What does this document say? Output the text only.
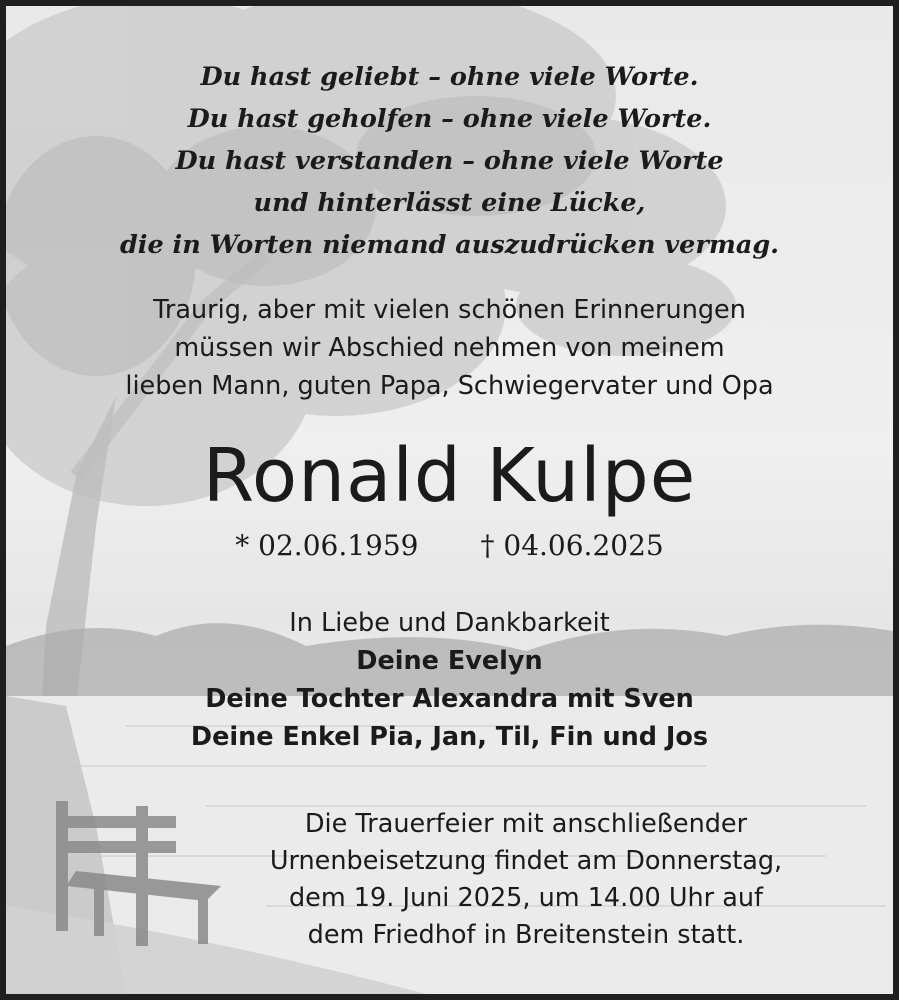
Du hast geliebt – ohne viele Worte.
Du hast geholfen – ohne viele Worte.
Du hast verstanden – ohne viele Worte
und hinterlässt eine Lücke,
die in Worten niemand auszudrücken vermag.
Traurig, aber mit vielen schönen Erinnerungen
müssen wir Abschied nehmen von meinem
lieben Mann, guten Papa, Schwiegervater und Opa
Ronald Kulpe
* 02.06.1959 † 04.06.2025
In Liebe und Dankbarkeit
Deine Evelyn
Deine Tochter Alexandra mit Sven
Deine Enkel Pia, Jan, Til, Fin und Jos
Die Trauerfeier mit anschließender
Urnenbeisetzung findet am Donnerstag,
dem 19. Juni 2025, um 14.00 Uhr auf
dem Friedhof in Breitenstein statt.
